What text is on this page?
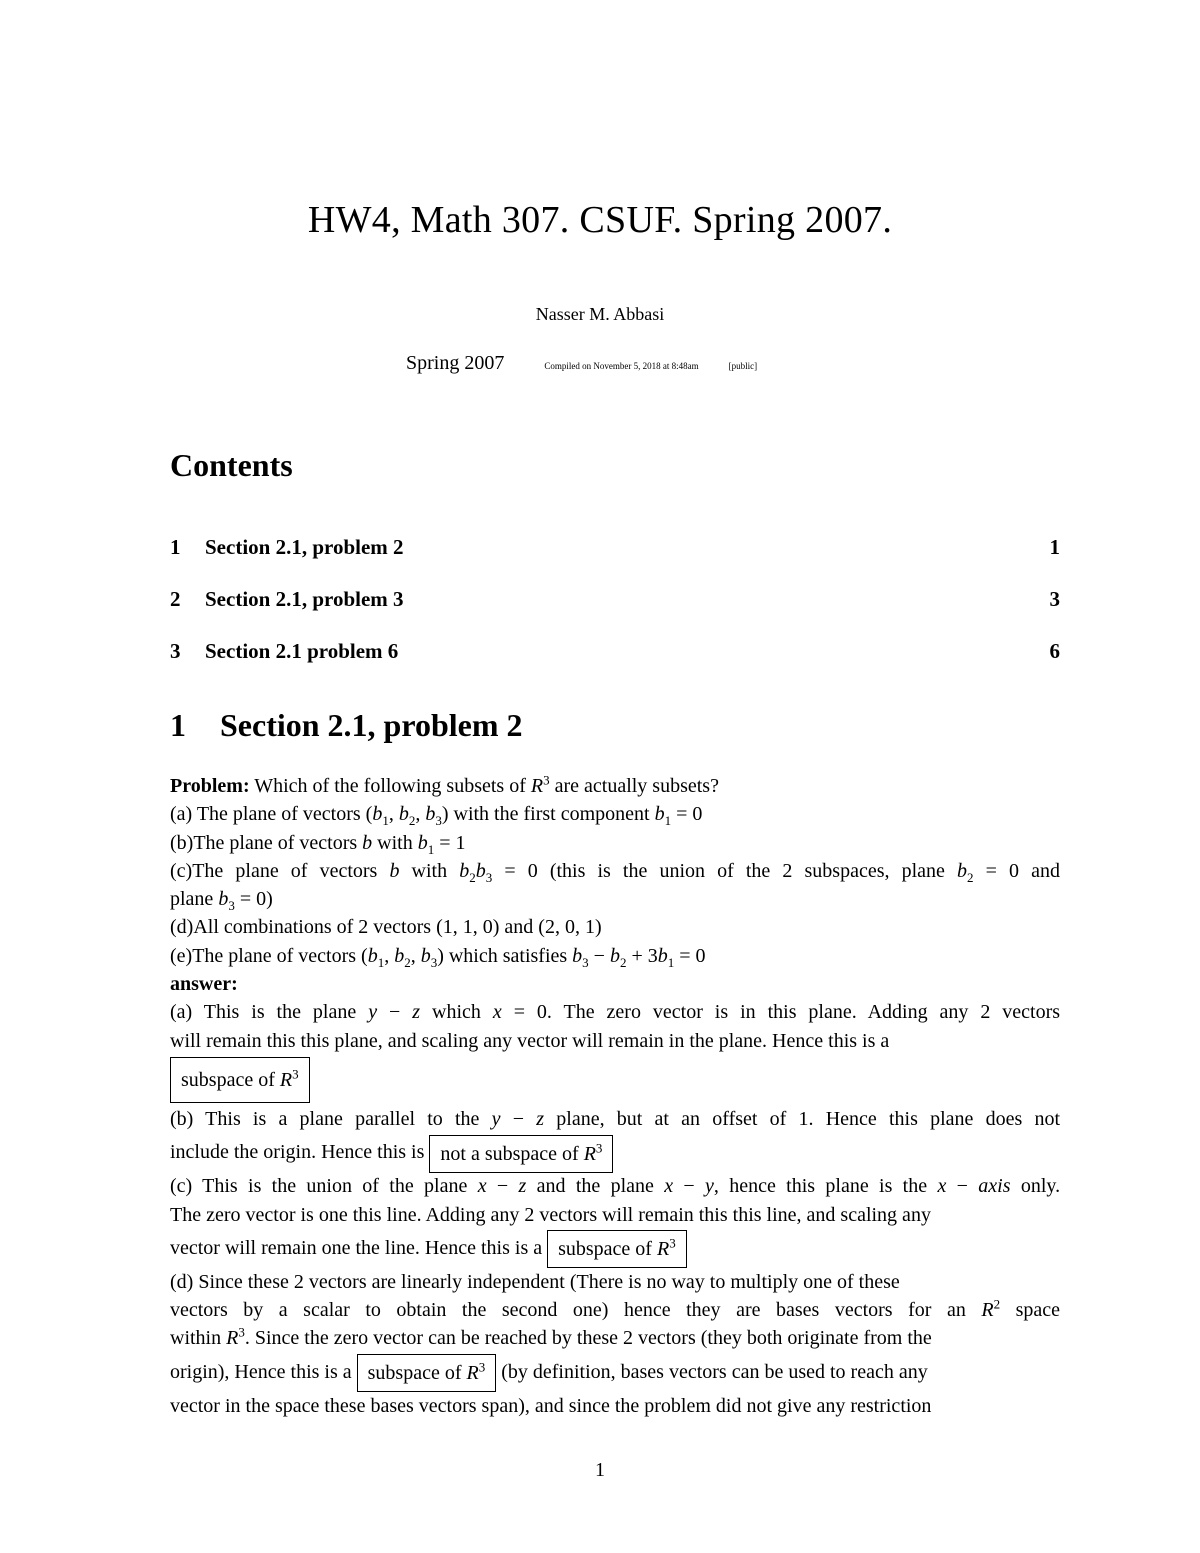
HW4, Math 307. CSUF. Spring 2007.
Nasser M. Abbasi
Spring 2007	Compiled on November 5, 2018 at 8:48am	[public]
Contents
1 Section 2.1, problem 2	1
2 Section 2.1, problem 3	3
3 Section 2.1 problem 6	6
1 Section 2.1, problem 2
Problem: Which of the following subsets of $R^3$ are actually subsets?
(a) The plane of vectors ($b_1$, $b_2$, $b_3$) with the first component $b_1 = 0$
(b)The plane of vectors b with $b_1 = 1$
(c)The plane of vectors b with $b_2b_3 = 0$ (this is the union of the 2 subspaces, plane $b_2 = 0$ and
plane $b_3 = 0$)
(d)All combinations of 2 vectors (1, 1, 0) and (2, 0, 1)
(e)The plane of vectors ($b_1$, $b_2$, $b_3$) which satisfies $b_3 - b_2 + 3b_1 = 0$
answer:
(a) This is the plane y − z which x = 0. The zero vector is in this plane. Adding any 2 vectors
will remain this this plane, and scaling any vector will remain in the plane. Hence this is a
subspace of $R^3$
(b) This is a plane parallel to the y − z plane, but at an offset of 1. Hence this plane does not
include the origin. Hence this is not a subspace of $R^3$
(c) This is the union of the plane x − z and the plane x − y, hence this plane is the x − axis only.
The zero vector is one this line. Adding any 2 vectors will remain this this line, and scaling any
vector will remain one the line. Hence this is a subspace of $R^3$
(d) Since these 2 vectors are linearly independent (There is no way to multiply one of these
vectors by a scalar to obtain the second one) hence they are bases vectors for an $R^2$ space
within $R^3$. Since the zero vector can be reached by these 2 vectors (they both originate from the
origin), Hence this is a subspace of $R^3$ (by definition, bases vectors can be used to reach any
vector in the space these bases vectors span), and since the problem did not give any restriction
1
